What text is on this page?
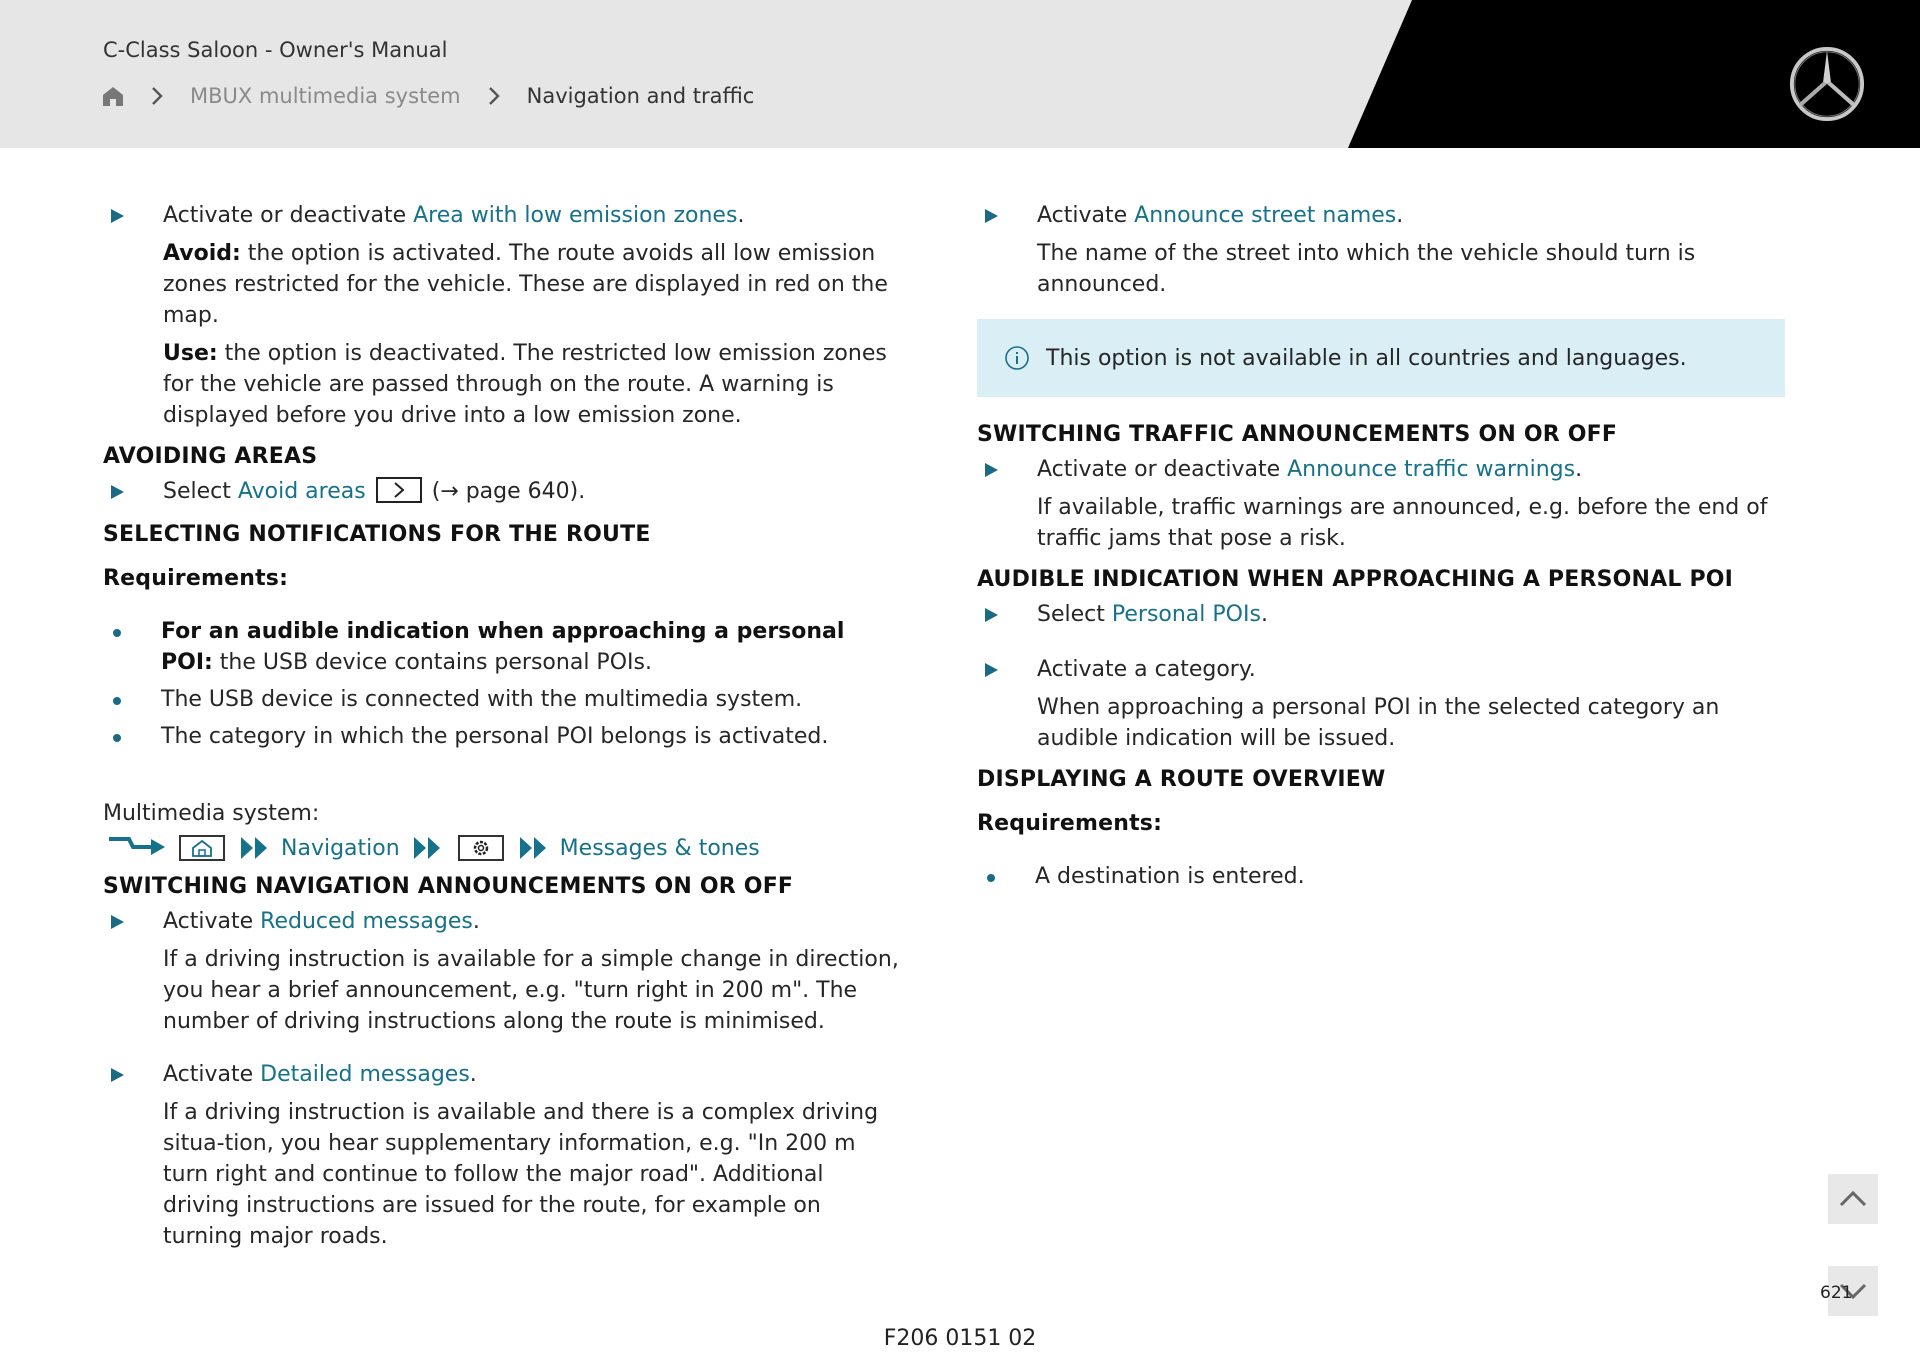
C-Class Saloon - Owner's Manual
MBUX multimedia system	Navigation and traffic
Activate or deactivate Area with low emission zones.
Avoid: the option is activated. The route avoids all low emission zones restricted for the vehicle. These are displayed in red on the map.
Use: the option is deactivated. The restricted low emission zones for the vehicle are passed through on the route. A warning is displayed before you drive into a low emission zone.
AVOIDING AREAS
Select Avoid areas	(→ page 640).
SELECTING NOTIFICATIONS FOR THE ROUTE
Requirements:
For an audible indication when approaching a personal POI: the USB device contains personal POIs.
The USB device is connected with the multimedia system.
The category in which the personal POI belongs is activated.
Multimedia system:
Navigation	Messages & tones
SWITCHING NAVIGATION ANNOUNCEMENTS ON OR OFF
Activate Reduced messages.
If a driving instruction is available for a simple change in direction, you hear a brief announcement, e.g. "turn right in 200 m". The number of driving instructions along the route is minimised.
Activate Detailed messages.
If a driving instruction is available and there is a complex driving situa-tion, you hear supplementary information, e.g. "In 200 m turn right and continue to follow the major road". Additional driving instructions are issued for the route, for example on turning major roads.
Activate Announce street names.
The name of the street into which the vehicle should turn is announced.
This option is not available in all countries and languages.
SWITCHING TRAFFIC ANNOUNCEMENTS ON OR OFF
Activate or deactivate Announce traffic warnings.
If available, traffic warnings are announced, e.g. before the end of traffic jams that pose a risk.
AUDIBLE INDICATION WHEN APPROACHING A PERSONAL POI
Select Personal POIs.
Activate a category.
When approaching a personal POI in the selected category an audible indication will be issued.
DISPLAYING A ROUTE OVERVIEW
Requirements:
A destination is entered.
621
F206 0151 02
